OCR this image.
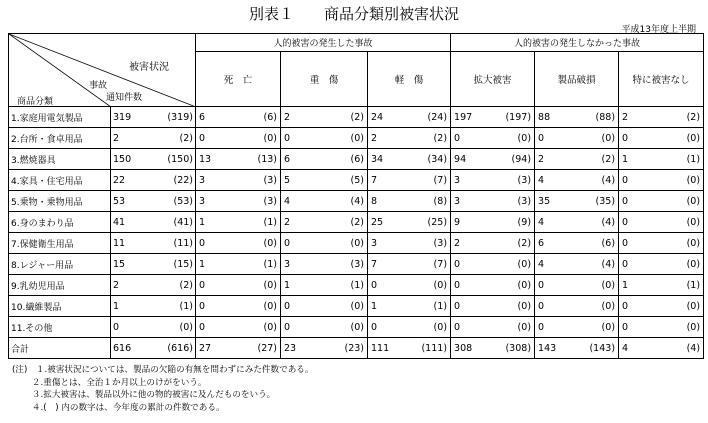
別表１　　商品分類別被害状況
平成13年度上半期
被害状況
事故
通知件数
商品分類		人的被害の発生した事故			人的被害の発生しなかった事故		
		死　亡	重　傷	軽　傷	拡大被害	製品破損	特に被害なし
1.家庭用電気製品	319 (319)	6 (6)	2 (2)	24 (24)	197 (197)	88 (88)	2 (2)

2.台所・食卓用品	2 (2)	0 (0)	0 (0)	2 (2)	0 (0)	0 (0)	0 (0)

3.燃焼器具	150 (150)	13 (13)	6 (6)	34 (34)	94 (94)	2 (2)	1 (1)

4.家具・住宅用品	22 (22)	3 (3)	5 (5)	7 (7)	3 (3)	4 (4)	0 (0)

5.乗物・乗物用品	53 (53)	3 (3)	4 (4)	8 (8)	3 (3)	35 (35)	0 (0)

6.身のまわり品	41 (41)	1 (1)	2 (2)	25 (25)	9 (9)	4 (4)	0 (0)

7.保健衛生用品	11 (11)	0 (0)	0 (0)	3 (3)	2 (2)	6 (6)	0 (0)

8.レジャー用品	15 (15)	1 (1)	3 (3)	7 (7)	0 (0)	4 (4)	0 (0)

9.乳幼児用品	2 (2)	0 (0)	1 (1)	0 (0)	0 (0)	0 (0)	1 (1)

10.繊維製品	1 (1)	0 (0)	0 (0)	1 (1)	0 (0)	0 (0)	0 (0)

11.その他	0 (0)	0 (0)	0 (0)	0 (0)	0 (0)	0 (0)	0 (0)

合計	616 (616)	27 (27)	23 (23)	111 (111)	308 (308)	143 (143)	4 (4)
(注)　 １.被害状況については、製品の欠陥の有無を問わずにみた件数である。
　　 ２.重傷とは、全治１か月以上のけがをいう。
　　 ３.拡大被害は、製品以外に他の物的被害に及んだものをいう。
　　 ４.(　) 内の数字は、今年度の累計の件数である。
